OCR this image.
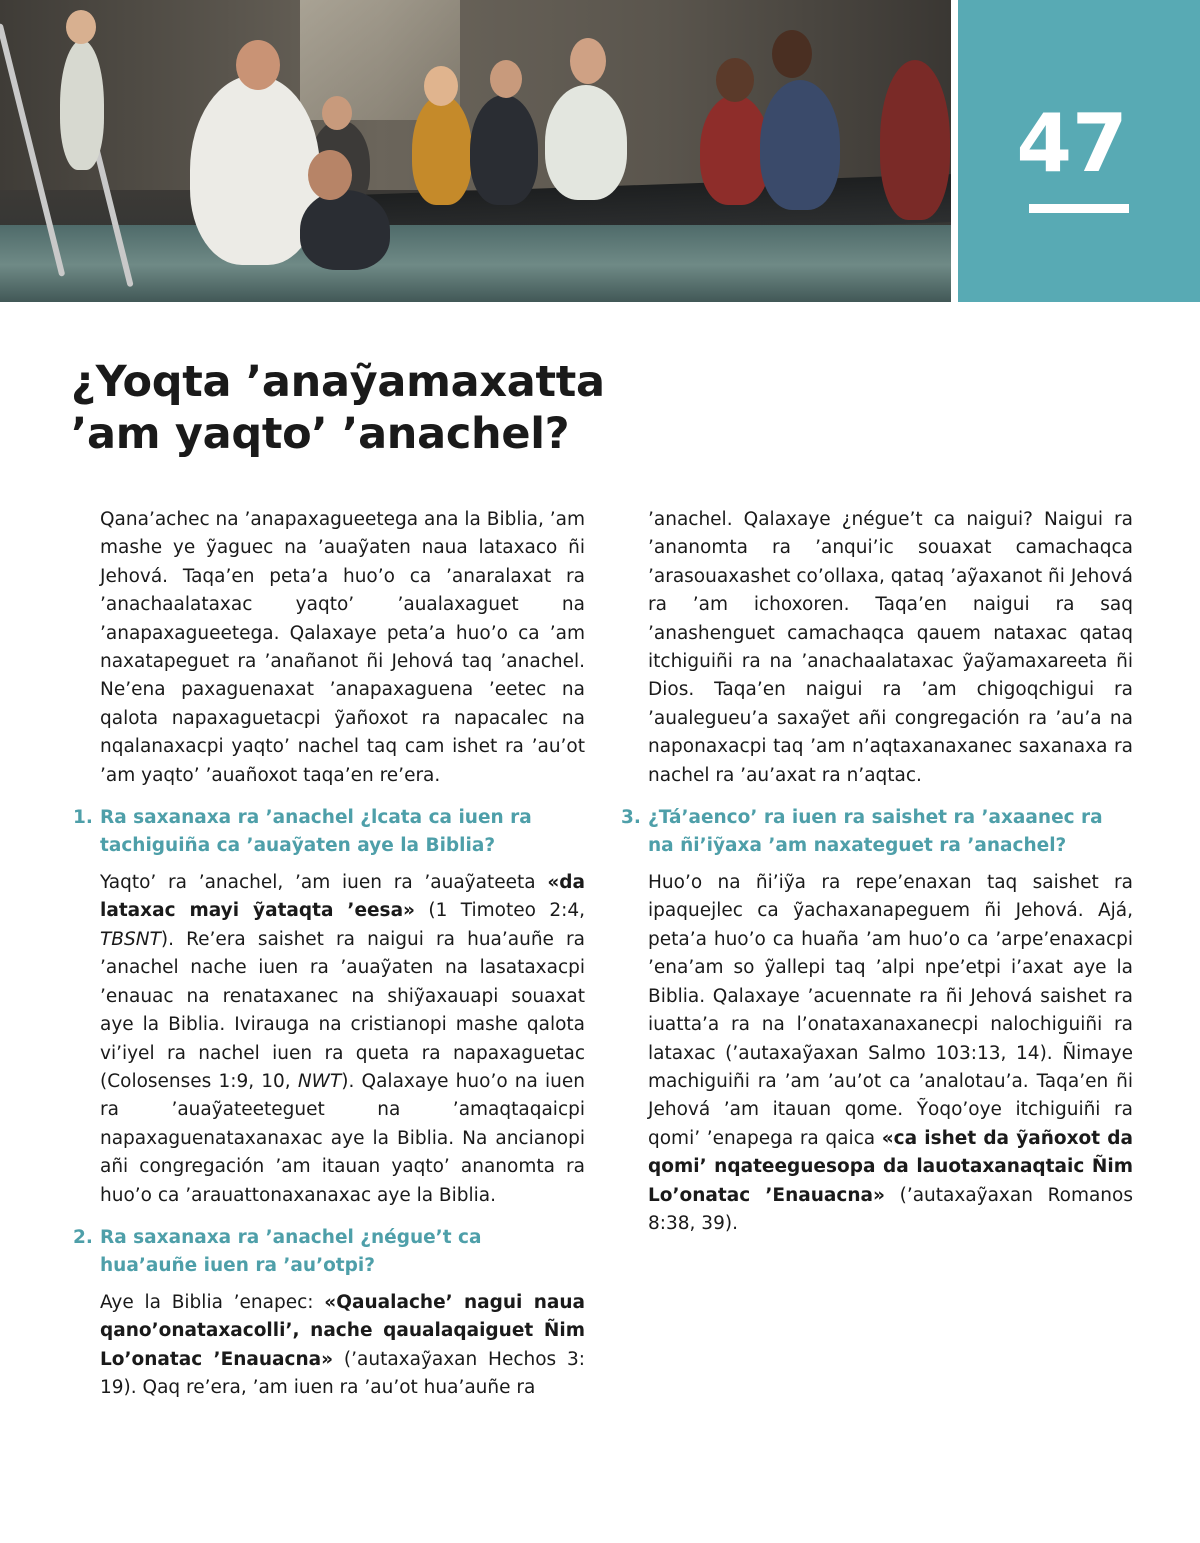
47
¿Yoqta ’anaỹamaxatta
’am yaqto’ ’anachel?

Qana’achec na ’anapaxagueetega ana la Biblia, ’am mashe ye ỹaguec na ’auaỹaten naua lataxaco ñi Jehová. Taqa’en peta’a huo’o ca ’anaralaxat ra ’anachaalataxac yaqto’ ’aualaxaguet na ’anapaxagueetega. Qalaxaye peta’a huo’o ca ’am naxatapeguet ra ’anañanot ñi Jehová taq ’anachel. Ne’ena paxaguenaxat ’anapaxaguena ’eetec na qalota napaxaguetacpi ỹañoxot ra napacalec na nqalanaxacpi yaqto’ nachel taq cam ishet ra ’au’ot ’am yaqto’ ’auañoxot taqa’en re’era.

1. Ra saxanaxa ra ’anachel ¿lcata ca iuen ra tachiguiña ca ’auaỹaten aye la Biblia?

Yaqto’ ra ’anachel, ’am iuen ra ’auaỹateeta «da lataxac mayi ỹataqta ’eesa» (1 Timoteo 2:4, TBSNT). Re’era saishet ra naigui ra hua’auñe ra ’anachel nache iuen ra ’auaỹaten na lasataxacpi ’enauac na renataxanec na shiỹaxauapi souaxat aye la Biblia. Ivirauga na cristianopi mashe qalota vi’iyel ra nachel iuen ra queta ra napaxaguetac (Colosenses 1:9, 10, NWT). Qalaxaye huo’o na iuen ra ’auaỹateeteguet na ’amaqtaqaicpi napaxaguenataxanaxac aye la Biblia. Na ancianopi añi congregación ’am itauan yaqto’ ananomta ra huo’o ca ’arauattonaxanaxac aye la Biblia.

2. Ra saxanaxa ra ’anachel ¿négue’t ca hua’auñe iuen ra ’au’otpi?

Aye la Biblia ’enapec: «Qaualache’ nagui naua qano’onataxacolli’, nache qaualaqaiguet Ñim Lo’onatac ’Enauacna» (’autaxaỹaxan Hechos 3: 19). Qaq re’era, ’am iuen ra ’au’ot hua’auñe ra

’anachel. Qalaxaye ¿négue’t ca naigui? Naigui ra ’ananomta ra ’anqui’ic souaxat camachaqca ’arasouaxashet co’ollaxa, qataq ’aỹaxanot ñi Jehová ra ’am ichoxoren. Taqa’en naigui ra saq ’anashenguet camachaqca qauem nataxac qataq itchiguiñi ra na ’anachaalataxac ỹaỹamaxareeta ñi Dios. Taqa’en naigui ra ’am chigoqchigui ra ’aualegueu’a saxaỹet añi congregación ra ’au’a na naponaxacpi taq ’am n’aqtaxanaxanec saxanaxa ra nachel ra ’au’axat ra n’aqtac.

3. ¿Tá’aenco’ ra iuen ra saishet ra ’axaanec ra na ñi’iỹaxa ’am naxateguet ra ’anachel?

Huo’o na ñi’iỹa ra repe’enaxan taq saishet ra ipaquejlec ca ỹachaxanapeguem ñi Jehová. Ajá, peta’a huo’o ca huaña ’am huo’o ca ’arpe’enaxacpi ’ena’am so ỹallepi taq ’alpi npe’etpi i’axat aye la Biblia. Qalaxaye ’acuennate ra ñi Jehová saishet ra iuatta’a ra na l’onataxanaxanecpi nalochiguiñi ra lataxac (’autaxaỹaxan Salmo 103:13, 14). Ñimaye machiguiñi ra ’am ’au’ot ca ’analotau’a. Taqa’en ñi Jehová ’am itauan qome. Ỹoqo’oye itchiguiñi ra qomi’ ’enapega ra qaica «ca ishet da ỹañoxot da qomi’ nqateeguesopa da lauotaxanaqtaic Ñim Lo’onatac ’Enauacna» (’autaxaỹaxan Romanos 8:38, 39).
